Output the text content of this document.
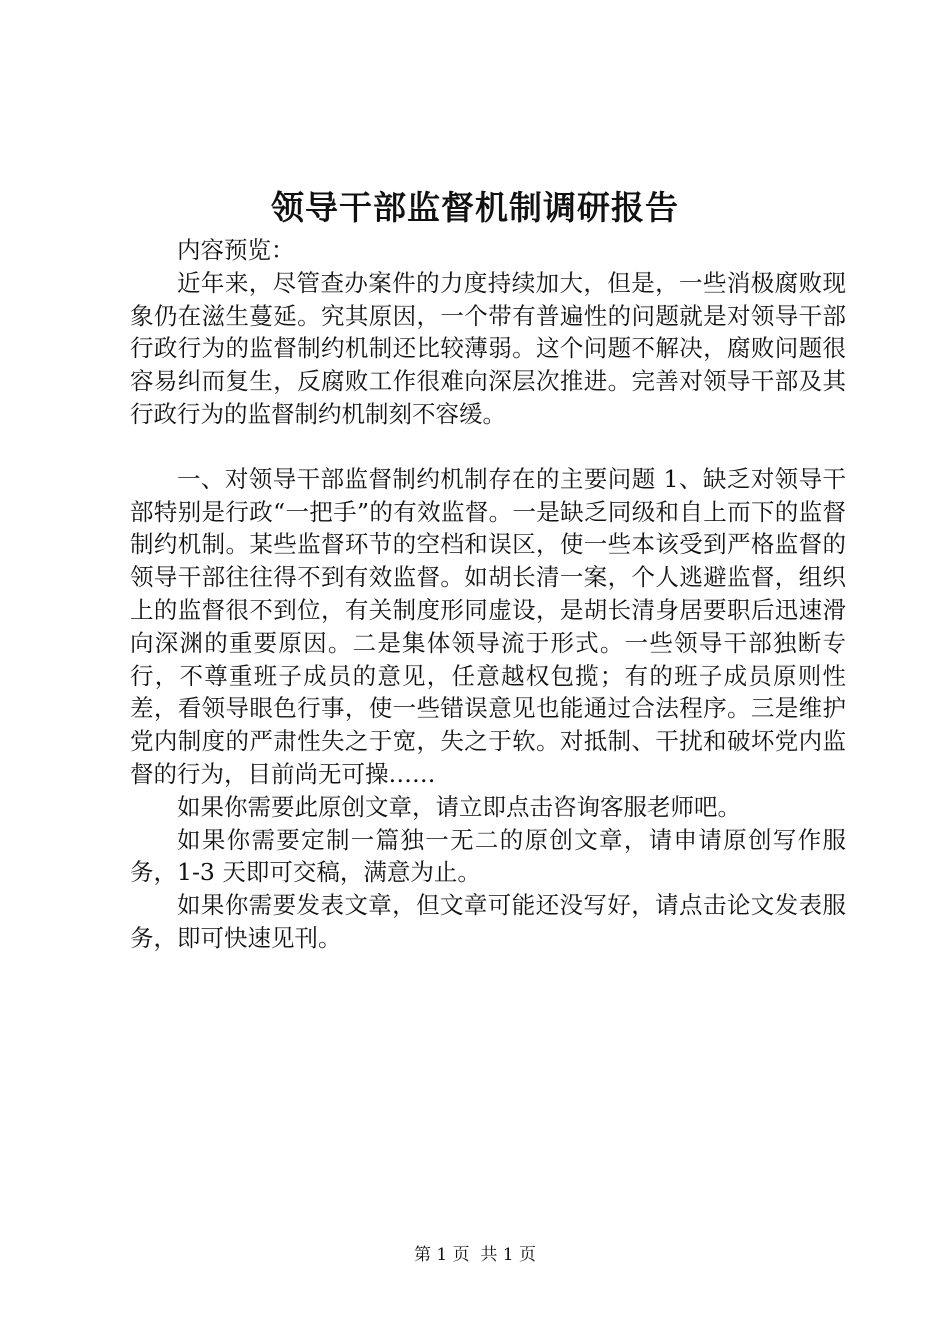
领导干部监督机制调研报告

内容预览：

近年来，尽管查办案件的力度持续加大，但是，一些消极腐败现象仍在滋生蔓延。究其原因，一个带有普遍性的问题就是对领导干部行政行为的监督制约机制还比较薄弱。这个问题不解决，腐败问题很容易纠而复生，反腐败工作很难向深层次推进。完善对领导干部及其行政行为的监督制约机制刻不容缓。

一、对领导干部监督制约机制存在的主要问题 1、缺乏对领导干部特别是行政“一把手”的有效监督。一是缺乏同级和自上而下的监督制约机制。某些监督环节的空档和误区，使一些本该受到严格监督的领导干部往往得不到有效监督。如胡长清一案，个人逃避监督，组织上的监督很不到位，有关制度形同虚设，是胡长清身居要职后迅速滑向深渊的重要原因。二是集体领导流于形式。一些领导干部独断专行，不尊重班子成员的意见，任意越权包揽；有的班子成员原则性差，看领导眼色行事，使一些错误意见也能通过合法程序。三是维护党内制度的严肃性失之于宽，失之于软。对抵制、干扰和破坏党内监督的行为，目前尚无可操……

如果你需要此原创文章，请立即点击咨询客服老师吧。

如果你需要定制一篇独一无二的原创文章，请申请原创写作服务，1-3 天即可交稿，满意为止。

如果你需要发表文章，但文章可能还没写好，请点击论文发表服务，即可快速见刊。

第 1 页  共 1 页
